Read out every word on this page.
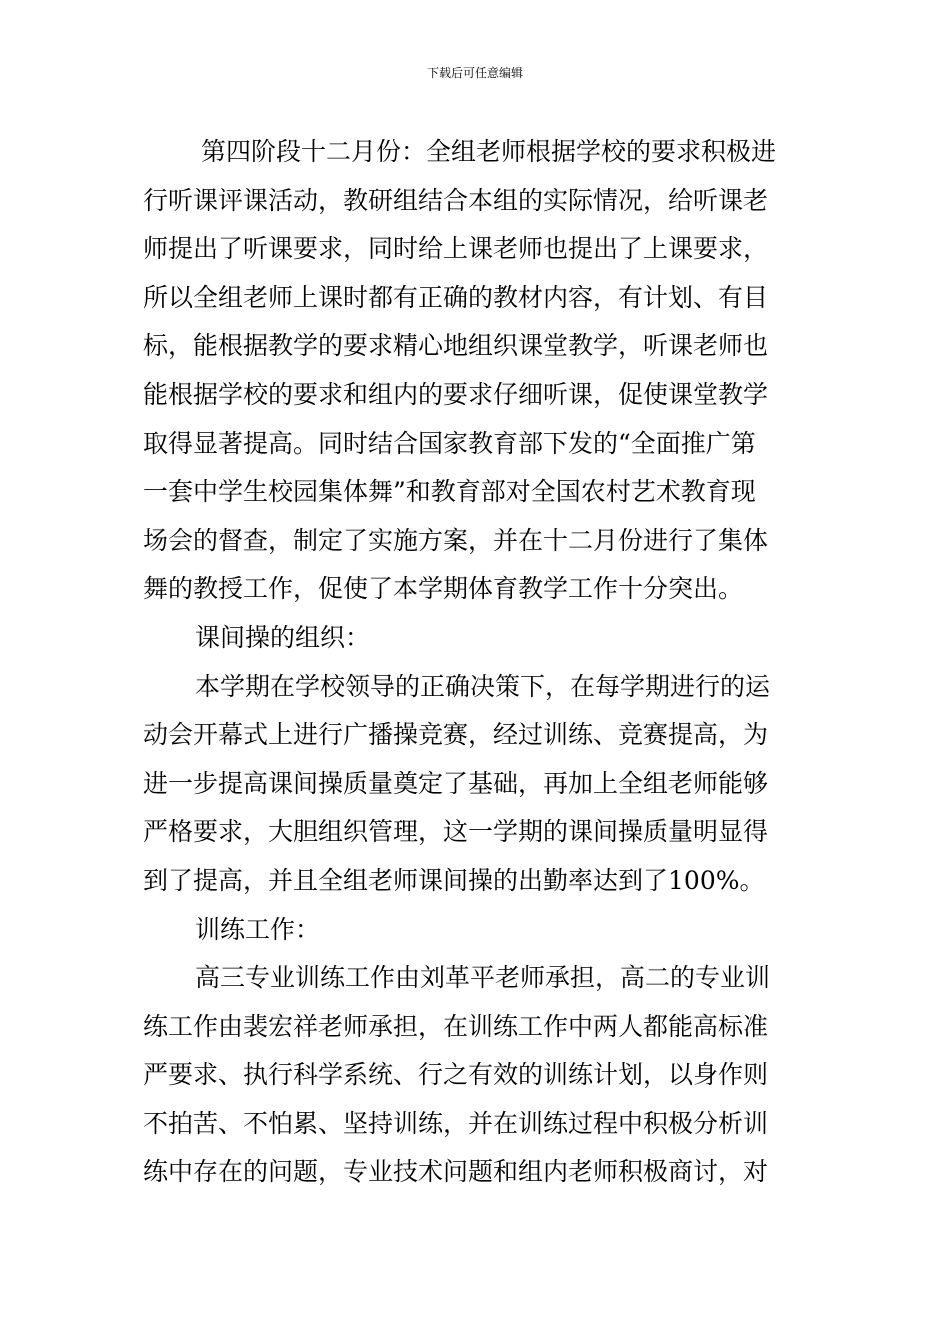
下载后可任意编辑
第四阶段十二月份：全组老师根据学校的要求积极进
行听课评课活动，教研组结合本组的实际情况，给听课老
师提出了听课要求，同时给上课老师也提出了上课要求，
所以全组老师上课时都有正确的教材内容，有计划、有目
标，能根据教学的要求精心地组织课堂教学，听课老师也
能根据学校的要求和组内的要求仔细听课，促使课堂教学
取得显著提高。同时结合国家教育部下发的“全面推广第
一套中学生校园集体舞”和教育部对全国农村艺术教育现
场会的督查，制定了实施方案，并在十二月份进行了集体
舞的教授工作，促使了本学期体育教学工作十分突出。
课间操的组织：
本学期在学校领导的正确决策下，在每学期进行的运
动会开幕式上进行广播操竞赛，经过训练、竞赛提高，为
进一步提高课间操质量奠定了基础，再加上全组老师能够
严格要求，大胆组织管理，这一学期的课间操质量明显得
到了提高，并且全组老师课间操的出勤率达到了100%。
训练工作：
高三专业训练工作由刘革平老师承担，高二的专业训
练工作由裴宏祥老师承担，在训练工作中两人都能高标准
严要求、执行科学系统、行之有效的训练计划，以身作则
不拍苦、不怕累、坚持训练，并在训练过程中积极分析训
练中存在的问题，专业技术问题和组内老师积极商讨，对
